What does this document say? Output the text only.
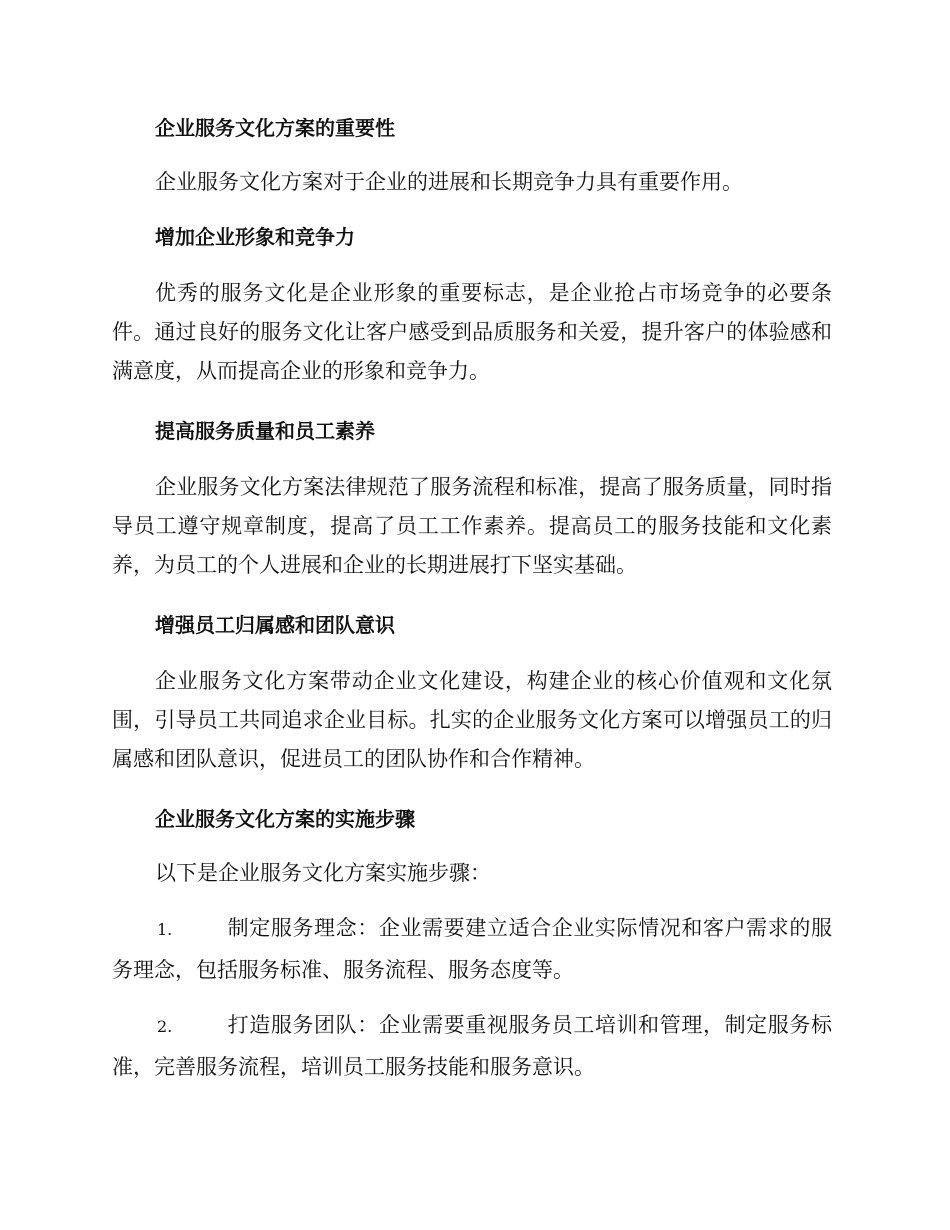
企业服务文化方案的重要性

企业服务文化方案对于企业的进展和长期竞争力具有重要作用。

增加企业形象和竞争力

优秀的服务文化是企业形象的重要标志，是企业抢占市场竞争的必要条件。通过良好的服务文化让客户感受到品质服务和关爱，提升客户的体验感和满意度，从而提高企业的形象和竞争力。

提高服务质量和员工素养

企业服务文化方案法律规范了服务流程和标准，提高了服务质量，同时指导员工遵守规章制度，提高了员工工作素养。提高员工的服务技能和文化素养，为员工的个人进展和企业的长期进展打下坚实基础。

增强员工归属感和团队意识

企业服务文化方案带动企业文化建设，构建企业的核心价值观和文化氛围，引导员工共同追求企业目标。扎实的企业服务文化方案可以增强员工的归属感和团队意识，促进员工的团队协作和合作精神。

企业服务文化方案的实施步骤

以下是企业服务文化方案实施步骤：

1.	制定服务理念：企业需要建立适合企业实际情况和客户需求的服务理念，包括服务标准、服务流程、服务态度等。

2.	打造服务团队：企业需要重视服务员工培训和管理，制定服务标准，完善服务流程，培训员工服务技能和服务意识。
